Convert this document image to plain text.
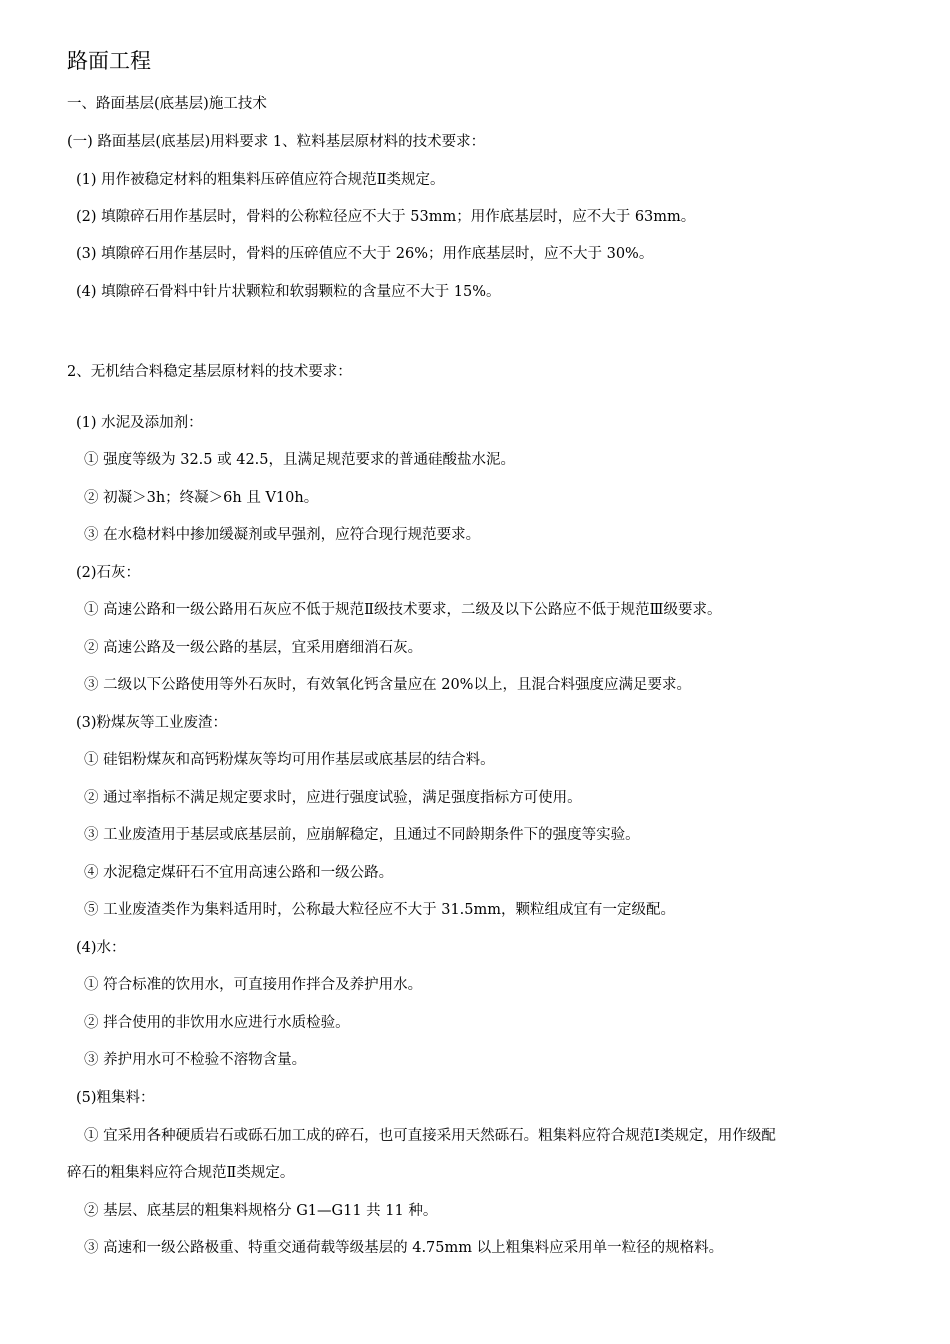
路面工程
一、路面基层(底基层)施工技术
(一) 路面基层(底基层)用料要求 1、粒料基层原材料的技术要求：
(1) 用作被稳定材料的粗集料压碎值应符合规范Ⅱ类规定。
(2) 填隙碎石用作基层时，骨料的公称粒径应不大于 53mm；用作底基层时，应不大于 63mm。
(3) 填隙碎石用作基层时，骨料的压碎值应不大于 26%；用作底基层时，应不大于 30%。
(4) 填隙碎石骨料中针片状颗粒和软弱颗粒的含量应不大于 15%。
2、无机结合料稳定基层原材料的技术要求：
(1) 水泥及添加剂：
① 强度等级为 32.5 或 42.5，且满足规范要求的普通硅酸盐水泥。
② 初凝＞3h；终凝＞6h 且 V10h。
③ 在水稳材料中掺加缓凝剂或早强剂，应符合现行规范要求。
(2)石灰：
① 高速公路和一级公路用石灰应不低于规范Ⅱ级技术要求，二级及以下公路应不低于规范Ⅲ级要求。
② 高速公路及一级公路的基层，宜采用磨细消石灰。
③ 二级以下公路使用等外石灰时，有效氧化钙含量应在 20%以上，且混合料强度应满足要求。
(3)粉煤灰等工业废渣：
① 硅铝粉煤灰和高钙粉煤灰等均可用作基层或底基层的结合料。
② 通过率指标不满足规定要求时，应进行强度试验，满足强度指标方可使用。
③ 工业废渣用于基层或底基层前，应崩解稳定，且通过不同龄期条件下的强度等实验。
④ 水泥稳定煤矸石不宜用高速公路和一级公路。
⑤ 工业废渣类作为集料适用时，公称最大粒径应不大于 31.5mm，颗粒组成宜有一定级配。
(4)水：
① 符合标准的饮用水，可直接用作拌合及养护用水。
② 拌合使用的非饮用水应进行水质检验。
③ 养护用水可不检验不溶物含量。
(5)粗集料：
① 宜采用各种硬质岩石或砾石加工成的碎石，也可直接采用天然砾石。粗集料应符合规范Ⅰ类规定，用作级配
碎石的粗集料应符合规范Ⅱ类规定。
② 基层、底基层的粗集料规格分 G1—G11 共 11 种。
③ 高速和一级公路极重、特重交通荷载等级基层的 4.75mm 以上粗集料应采用单一粒径的规格料。
